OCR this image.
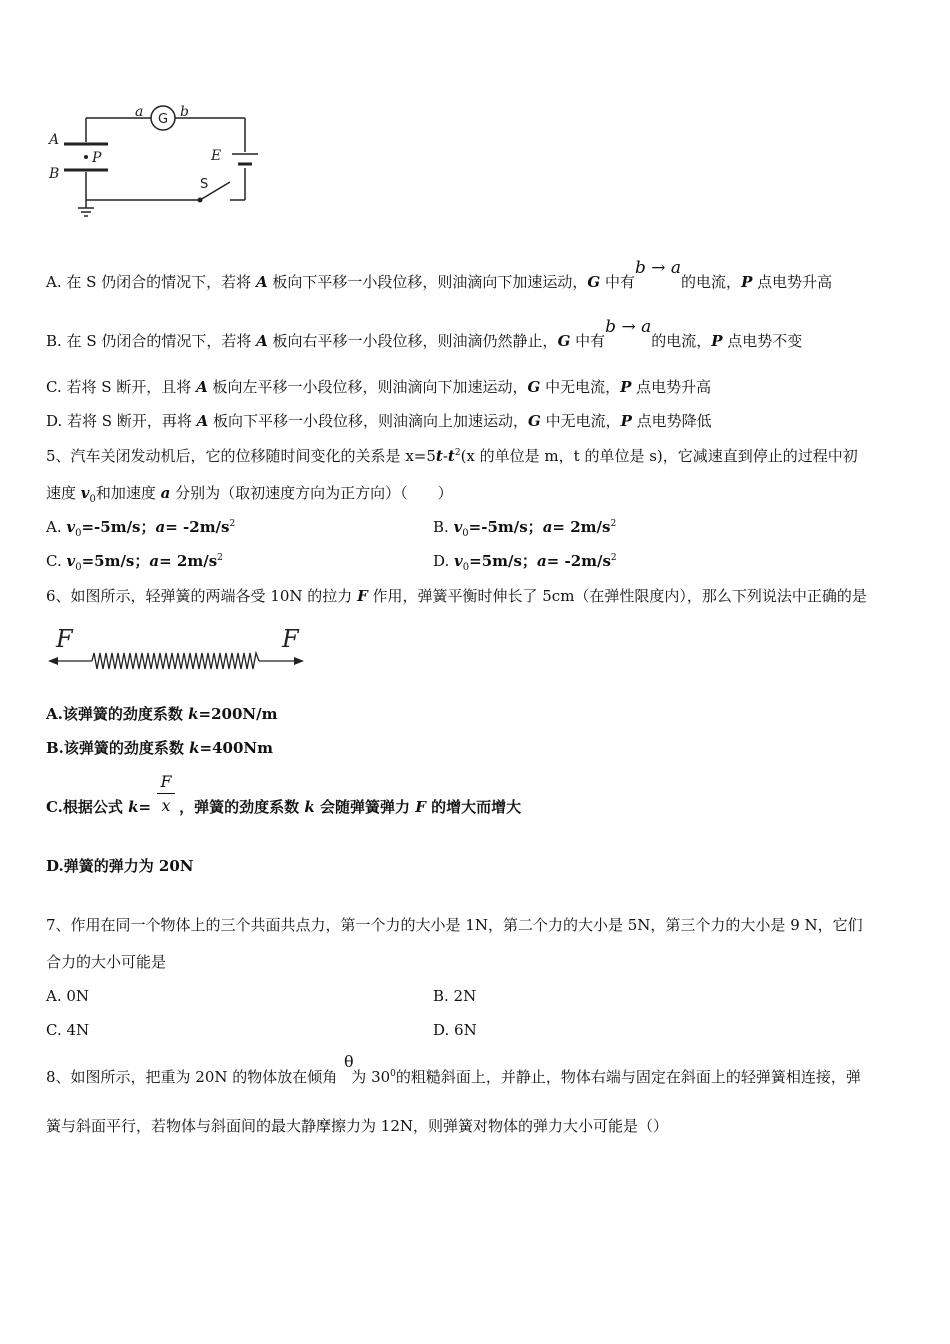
a	b
A
B
P	E
G
S
A. 在 S 仍闭合的情况下，若将 A 板向下平移一小段位移，则油滴向下加速运动，G 中有b → a的电流，P 点电势升高
B. 在 S 仍闭合的情况下，若将 A 板向右平移一小段位移，则油滴仍然静止，G 中有b → a的电流，P 点电势不变
C. 若将 S 断开，且将 A 板向左平移一小段位移，则油滴向下加速运动，G 中无电流，P 点电势升高
D. 若将 S 断开，再将 A 板向下平移一小段位移，则油滴向上加速运动，G 中无电流，P 点电势降低
5、汽车关闭发动机后，它的位移随时间变化的关系是 $x=5t-t^2(x$ 的单位是 m，t 的单位是 s)，它减速直到停止的过程中初
速度 $v_0$和加速度 a 分别为（取初速度方向为正方向）（　　）
A. $v_0=-5m/s$；$a= -2m/s^2$	B. $v_0=-5m/s$；$a= 2m/s^2$
C. $v_0=5m/s$；$a= 2m/s^2$	D. $v_0=5m/s$；$a= -2m/s^2$
6、如图所示，轻弹簧的两端各受 10N 的拉力 F 作用，弹簧平衡时伸长了 5cm（在弹性限度内），那么下列说法中正确的是
F	F
A.该弹簧的劲度系数 k=200N/m
B.该弹簧的劲度系数 k=400Nm
C.根据公式 k= ，弹簧的劲度系数 k 会随弹簧弹力 F 的增大而增大
F
x
D.弹簧的弹力为 20N
7、作用在同一个物体上的三个共面共点力，第一个力的大小是 1N，第二个力的大小是 5N，第三个力的大小是 9 N，它们
合力的大小可能是
A. 0N	B. 2N
C. 4N	D. 6N
8、如图所示，把重为 20N 的物体放在倾角 为 $30^0$的粗糙斜面上，并静止，物体右端与固定在斜面上的轻弹簧相连接，弹
θ
簧与斜面平行，若物体与斜面间的最大静摩擦力为 12N，则弹簧对物体的弹力大小可能是（）
